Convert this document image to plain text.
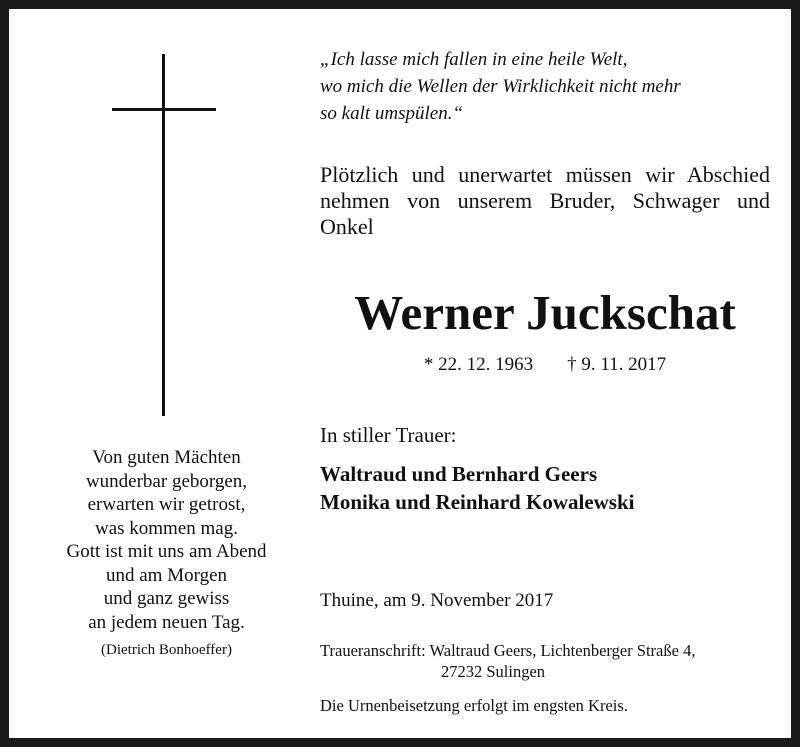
Von guten Mächten
wunderbar geborgen,
erwarten wir getrost,
was kommen mag.
Gott ist mit uns am Abend
und am Morgen
und ganz gewiss
an jedem neuen Tag.
(Dietrich Bonhoeffer)
„Ich lasse mich fallen in eine heile Welt,
wo mich die Wellen der Wirklichkeit nicht mehr
so kalt umspülen.“
Plötzlich und unerwartet müssen wir Abschied
nehmen von unserem Bruder, Schwager und
Onkel
Werner Juckschat
* 22. 12. 1963 † 9. 11. 2017
In stiller Trauer:
Waltraud und Bernhard Geers
Monika und Reinhard Kowalewski
Thuine, am 9. November 2017
Traueranschrift: Waltraud Geers, Lichtenberger Straße 4,
27232 Sulingen
Die Urnenbeisetzung erfolgt im engsten Kreis.
